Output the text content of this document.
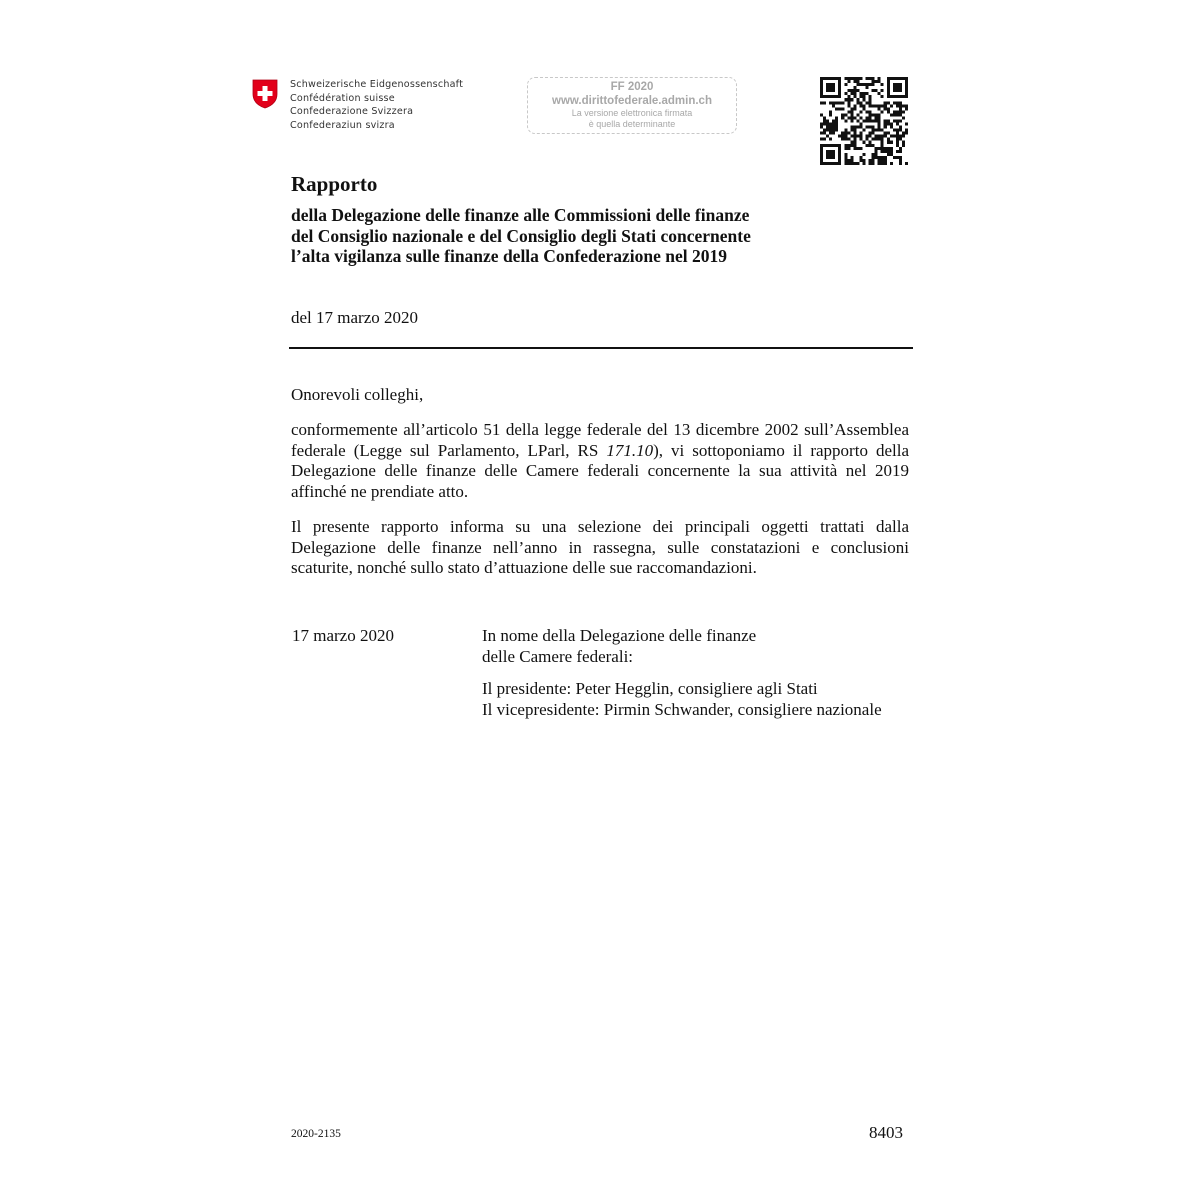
Schweizerische Eidgenossenschaft
Confédération suisse
Confederazione Svizzera
Confederaziun svizra
FF 2020
www.dirittofederale.admin.ch
La versione elettronica firmata
è quella determinante
Rapporto
della Delegazione delle finanze alle Commissioni delle finanze
del Consiglio nazionale e del Consiglio degli Stati concernente
l’alta vigilanza sulle finanze della Confederazione nel 2019
del 17 marzo 2020
Onorevoli colleghi,
conformemente all’articolo 51 della legge federale del 13 dicembre 2002 sull’Assemblea federale (Legge sul Parlamento, LParl, RS 171.10), vi sottoponiamo il rapporto della Delegazione delle finanze delle Camere federali concernente la sua attività nel 2019 affinché ne prendiate atto.
Il presente rapporto informa su una selezione dei principali oggetti trattati dalla Delegazione delle finanze nell’anno in rassegna, sulle constatazioni e conclusioni scaturite, nonché sullo stato d’attuazione delle sue raccomandazioni.
17 marzo 2020	In nome della Delegazione delle finanze
delle Camere federali:
Il presidente: Peter Hegglin, consigliere agli Stati
Il vicepresidente: Pirmin Schwander, consigliere nazionale
2020-2135	8403
